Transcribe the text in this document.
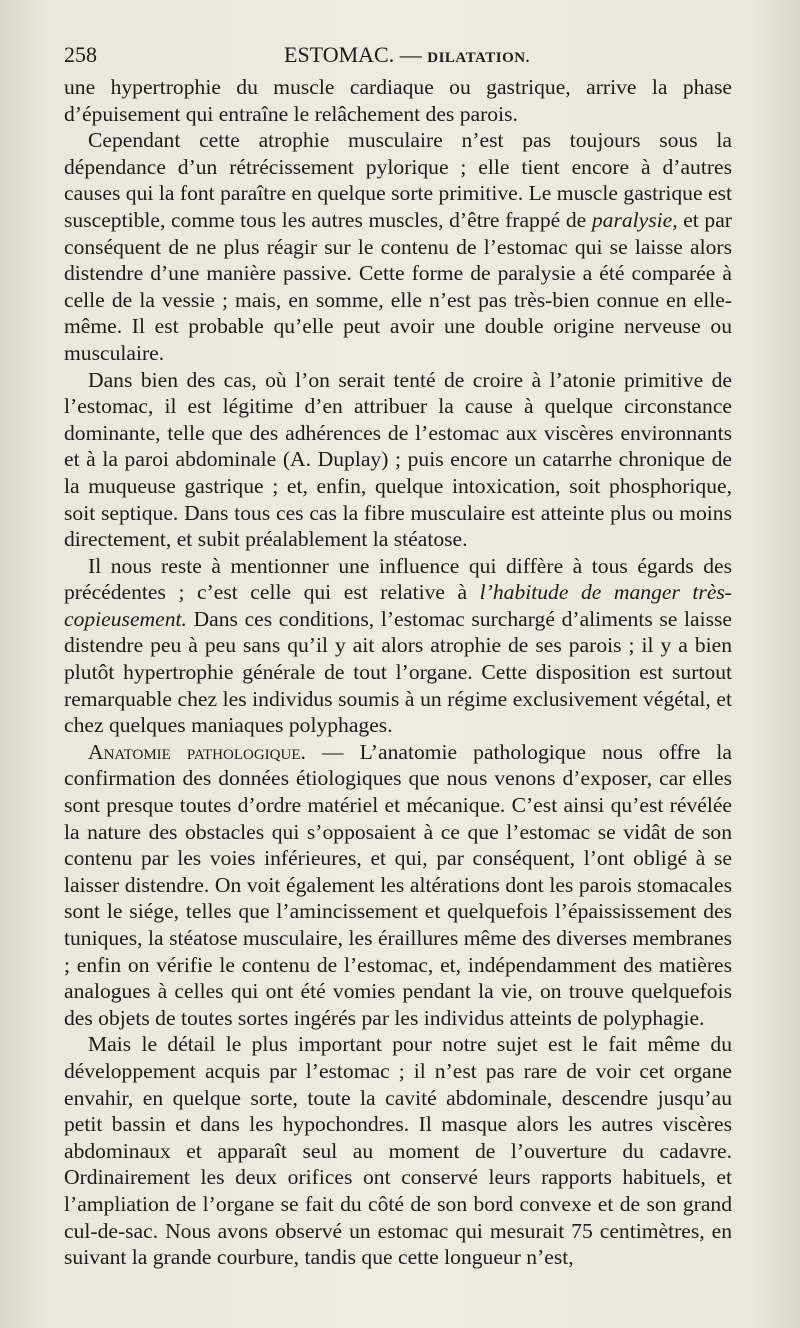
258	ESTOMAC. — DILATATION.

une hypertrophie du muscle cardiaque ou gastrique, arrive la phase d’épuisement qui entraîne le relâchement des parois.

Cependant cette atrophie musculaire n’est pas toujours sous la dépendance d’un rétrécissement pylorique ; elle tient encore à d’autres causes qui la font paraître en quelque sorte primitive. Le muscle gastrique est susceptible, comme tous les autres muscles, d’être frappé de paralysie, et par conséquent de ne plus réagir sur le contenu de l’estomac qui se laisse alors distendre d’une manière passive. Cette forme de paralysie a été comparée à celle de la vessie ; mais, en somme, elle n’est pas très-bien connue en elle-même. Il est probable qu’elle peut avoir une double origine nerveuse ou musculaire.

Dans bien des cas, où l’on serait tenté de croire à l’atonie primitive de l’estomac, il est légitime d’en attribuer la cause à quelque circonstance dominante, telle que des adhérences de l’estomac aux viscères environnants et à la paroi abdominale (A. Duplay) ; puis encore un catarrhe chronique de la muqueuse gastrique ; et, enfin, quelque intoxication, soit phosphorique, soit septique. Dans tous ces cas la fibre musculaire est atteinte plus ou moins directement, et subit préalablement la stéatose.

Il nous reste à mentionner une influence qui diffère à tous égards des précédentes ; c’est celle qui est relative à l’habitude de manger très-copieusement. Dans ces conditions, l’estomac surchargé d’aliments se laisse distendre peu à peu sans qu’il y ait alors atrophie de ses parois ; il y a bien plutôt hypertrophie générale de tout l’organe. Cette disposition est surtout remarquable chez les individus soumis à un régime exclusivement végétal, et chez quelques maniaques polyphages.

Anatomie pathologique. — L’anatomie pathologique nous offre la confirmation des données étiologiques que nous venons d’exposer, car elles sont presque toutes d’ordre matériel et mécanique. C’est ainsi qu’est révélée la nature des obstacles qui s’opposaient à ce que l’estomac se vidât de son contenu par les voies inférieures, et qui, par conséquent, l’ont obligé à se laisser distendre. On voit également les altérations dont les parois stomacales sont le siége, telles que l’amincissement et quelquefois l’épaississement des tuniques, la stéatose musculaire, les éraillures même des diverses membranes ; enfin on vérifie le contenu de l’estomac, et, indépendamment des matières analogues à celles qui ont été vomies pendant la vie, on trouve quelquefois des objets de toutes sortes ingérés par les individus atteints de polyphagie.

Mais le détail le plus important pour notre sujet est le fait même du développement acquis par l’estomac ; il n’est pas rare de voir cet organe envahir, en quelque sorte, toute la cavité abdominale, descendre jusqu’au petit bassin et dans les hypochondres. Il masque alors les autres viscères abdominaux et apparaît seul au moment de l’ouverture du cadavre. Ordinairement les deux orifices ont conservé leurs rapports habituels, et l’ampliation de l’organe se fait du côté de son bord convexe et de son grand cul-de-sac. Nous avons observé un estomac qui mesurait 75 centimètres, en suivant la grande courbure, tandis que cette longueur n’est,
